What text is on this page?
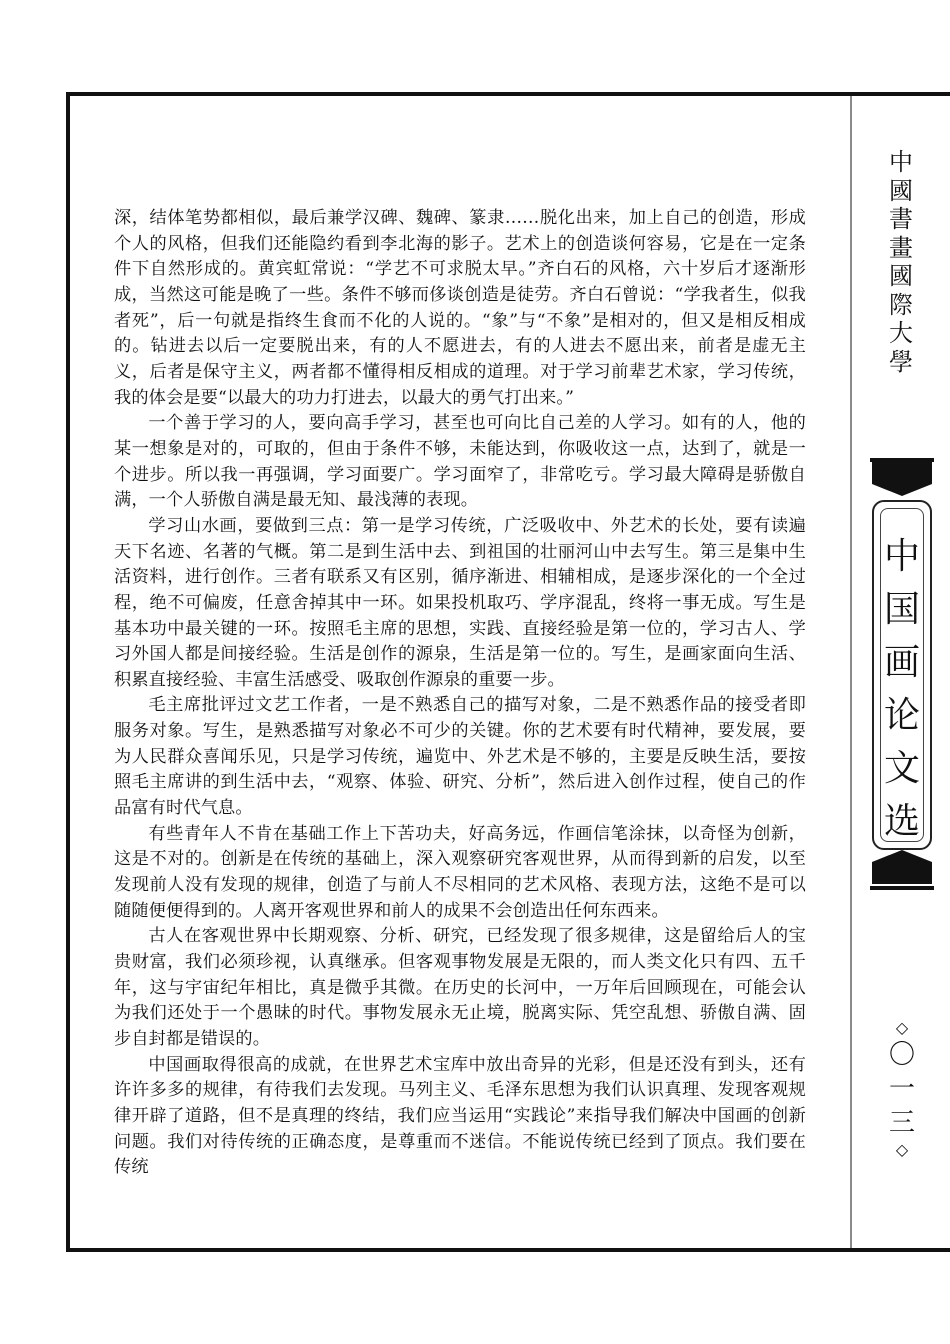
深，结体笔势都相似，最后兼学汉碑、魏碑、篆隶……脱化出来，加上自己的创造，形成个人的风格，但我们还能隐约看到李北海的影子。艺术上的创造谈何容易，它是在一定条件下自然形成的。黄宾虹常说：“学艺不可求脱太早。”齐白石的风格，六十岁后才逐渐形成，当然这可能是晚了一些。条件不够而侈谈创造是徒劳。齐白石曾说：“学我者生，似我者死”，后一句就是指终生食而不化的人说的。“象”与“不象”是相对的，但又是相反相成的。钻进去以后一定要脱出来，有的人不愿进去，有的人进去不愿出来，前者是虚无主义，后者是保守主义，两者都不懂得相反相成的道理。对于学习前辈艺术家，学习传统，我的体会是要“以最大的功力打进去，以最大的勇气打出来。”

一个善于学习的人，要向高手学习，甚至也可向比自己差的人学习。如有的人，他的某一想象是对的，可取的，但由于条件不够，未能达到，你吸收这一点，达到了，就是一个进步。所以我一再强调，学习面要广。学习面窄了，非常吃亏。学习最大障碍是骄傲自满，一个人骄傲自满是最无知、最浅薄的表现。

学习山水画，要做到三点：第一是学习传统，广泛吸收中、外艺术的长处，要有读遍天下名迹、名著的气概。第二是到生活中去、到祖国的壮丽河山中去写生。第三是集中生活资料，进行创作。三者有联系又有区别，循序渐进、相辅相成，是逐步深化的一个全过程，绝不可偏废，任意舍掉其中一环。如果投机取巧、学序混乱，终将一事无成。写生是基本功中最关键的一环。按照毛主席的思想，实践、直接经验是第一位的，学习古人、学习外国人都是间接经验。生活是创作的源泉，生活是第一位的。写生，是画家面向生活、积累直接经验、丰富生活感受、吸取创作源泉的重要一步。

毛主席批评过文艺工作者，一是不熟悉自己的描写对象，二是不熟悉作品的接受者即服务对象。写生，是熟悉描写对象必不可少的关键。你的艺术要有时代精神，要发展，要为人民群众喜闻乐见，只是学习传统，遍览中、外艺术是不够的，主要是反映生活，要按照毛主席讲的到生活中去，“观察、体验、研究、分析”，然后进入创作过程，使自己的作品富有时代气息。

有些青年人不肯在基础工作上下苦功夫，好高务远，作画信笔涂抹，以奇怪为创新，这是不对的。创新是在传统的基础上，深入观察研究客观世界，从而得到新的启发，以至发现前人没有发现的规律，创造了与前人不尽相同的艺术风格、表现方法，这绝不是可以随随便便得到的。人离开客观世界和前人的成果不会创造出任何东西来。

古人在客观世界中长期观察、分析、研究，已经发现了很多规律，这是留给后人的宝贵财富，我们必须珍视，认真继承。但客观事物发展是无限的，而人类文化只有四、五千年，这与宇宙纪年相比，真是微乎其微。在历史的长河中，一万年后回顾现在，可能会认为我们还处于一个愚昧的时代。事物发展永无止境，脱离实际、凭空乱想、骄傲自满、固步自封都是错误的。

中国画取得很高的成就，在世界艺术宝库中放出奇异的光彩，但是还没有到头，还有许许多多的规律，有待我们去发现。马列主义、毛泽东思想为我们认识真理、发现客观规律开辟了道路，但不是真理的终结，我们应当运用“实践论”来指导我们解决中国画的创新问题。我们对待传统的正确态度，是尊重而不迷信。不能说传统已经到了顶点。我们要在传统

中國書畫國際大學
中国画论文选
◇
〇一三
◇
